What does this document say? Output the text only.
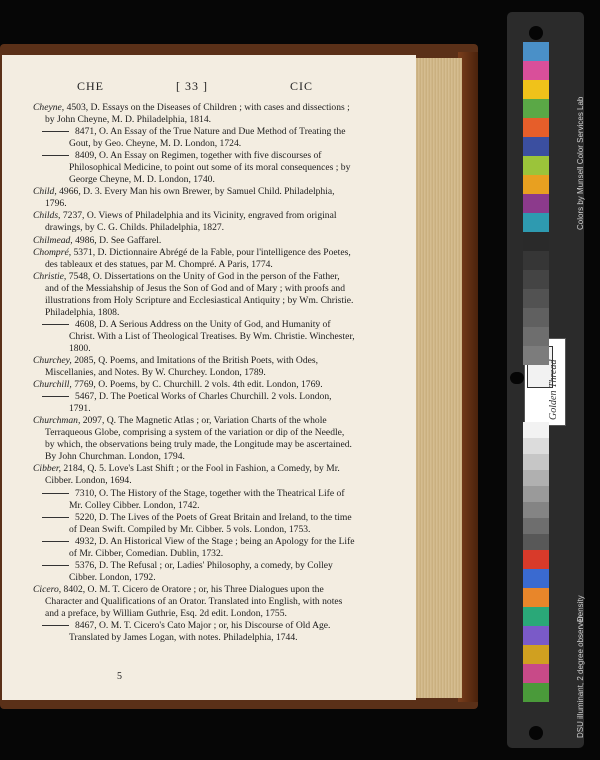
CHE	[ 33 ]	CIC
Cheyne, 4503, D. Essays on the Diseases of Children ; with cases and dissections ; by John Cheyne, M. D. Philadelphia, 1814.
8471, O. An Essay of the True Nature and Due Method of Treating the Gout, by Geo. Cheyne, M. D. London, 1724.
8409, O. An Essay on Regimen, together with five discourses of Philosophical Medicine, to point out some of its moral consequences ; by George Cheyne, M. D. London, 1740.
Child, 4966, D. 3. Every Man his own Brewer, by Samuel Child. Philadelphia, 1796.
Childs, 7237, O. Views of Philadelphia and its Vicinity, engraved from original drawings, by C. G. Childs. Philadelphia, 1827.
Chilmead, 4986, D. See Gaffarel.
Chompré, 5371, D. Dictionnaire Abrégé de la Fable, pour l'intelligence des Poetes, des tableaux et des statues, par M. Chompré. A Paris, 1774.
Christie, 7548, O. Dissertations on the Unity of God in the person of the Father, and of the Messiahship of Jesus the Son of God and of Mary ; with proofs and illustrations from Holy Scripture and Ecclesiastical Antiquity ; by Wm. Christie. Philadelphia, 1808.
4608, D. A Serious Address on the Unity of God, and Humanity of Christ. With a List of Theological Treatises. By Wm. Christie. Winchester, 1800.
Churchey, 2085, Q. Poems, and Imitations of the British Poets, with Odes, Miscellanies, and Notes. By W. Churchey. London, 1789.
Churchill, 7769, O. Poems, by C. Churchill. 2 vols. 4th edit. London, 1769.
5467, D. The Poetical Works of Charles Churchill. 2 vols. London, 1791.
Churchman, 2097, Q. The Magnetic Atlas ; or, Variation Charts of the whole Terraqueous Globe, comprising a system of the variation or dip of the Needle, by which, the observations being truly made, the Longitude may be ascertained. By John Churchman. London, 1794.
Cibber, 2184, Q. 5. Love's Last Shift ; or the Fool in Fashion, a Comedy, by Mr. Cibber. London, 1694.
7310, O. The History of the Stage, together with the Theatrical Life of Mr. Colley Cibber. London, 1742.
5220, D. The Lives of the Poets of Great Britain and Ireland, to the time of Dean Swift. Compiled by Mr. Cibber. 5 vols. London, 1753.
4932, D. An Historical View of the Stage ; being an Apology for the Life of Mr. Cibber, Comedian. Dublin, 1732.
5376, D. The Refusal ; or, Ladies' Philosophy, a comedy, by Colley Cibber. London, 1792.
Cicero, 8402, O. M. T. Cicero de Oratore ; or, his Three Dialogues upon the Character and Qualifications of an Orator. Translated into English, with notes and a preface, by William Guthrie, Esq. 2d edit. London, 1755.
8467, O. M. T. Cicero's Cato Major ; or, his Discourse of Old Age. Translated by James Logan, with notes. Philadelphia, 1744.
5
Colors by Munsell Color Services Lab
Golden Thread
DSU illuminant, 2 degree observer
Density
